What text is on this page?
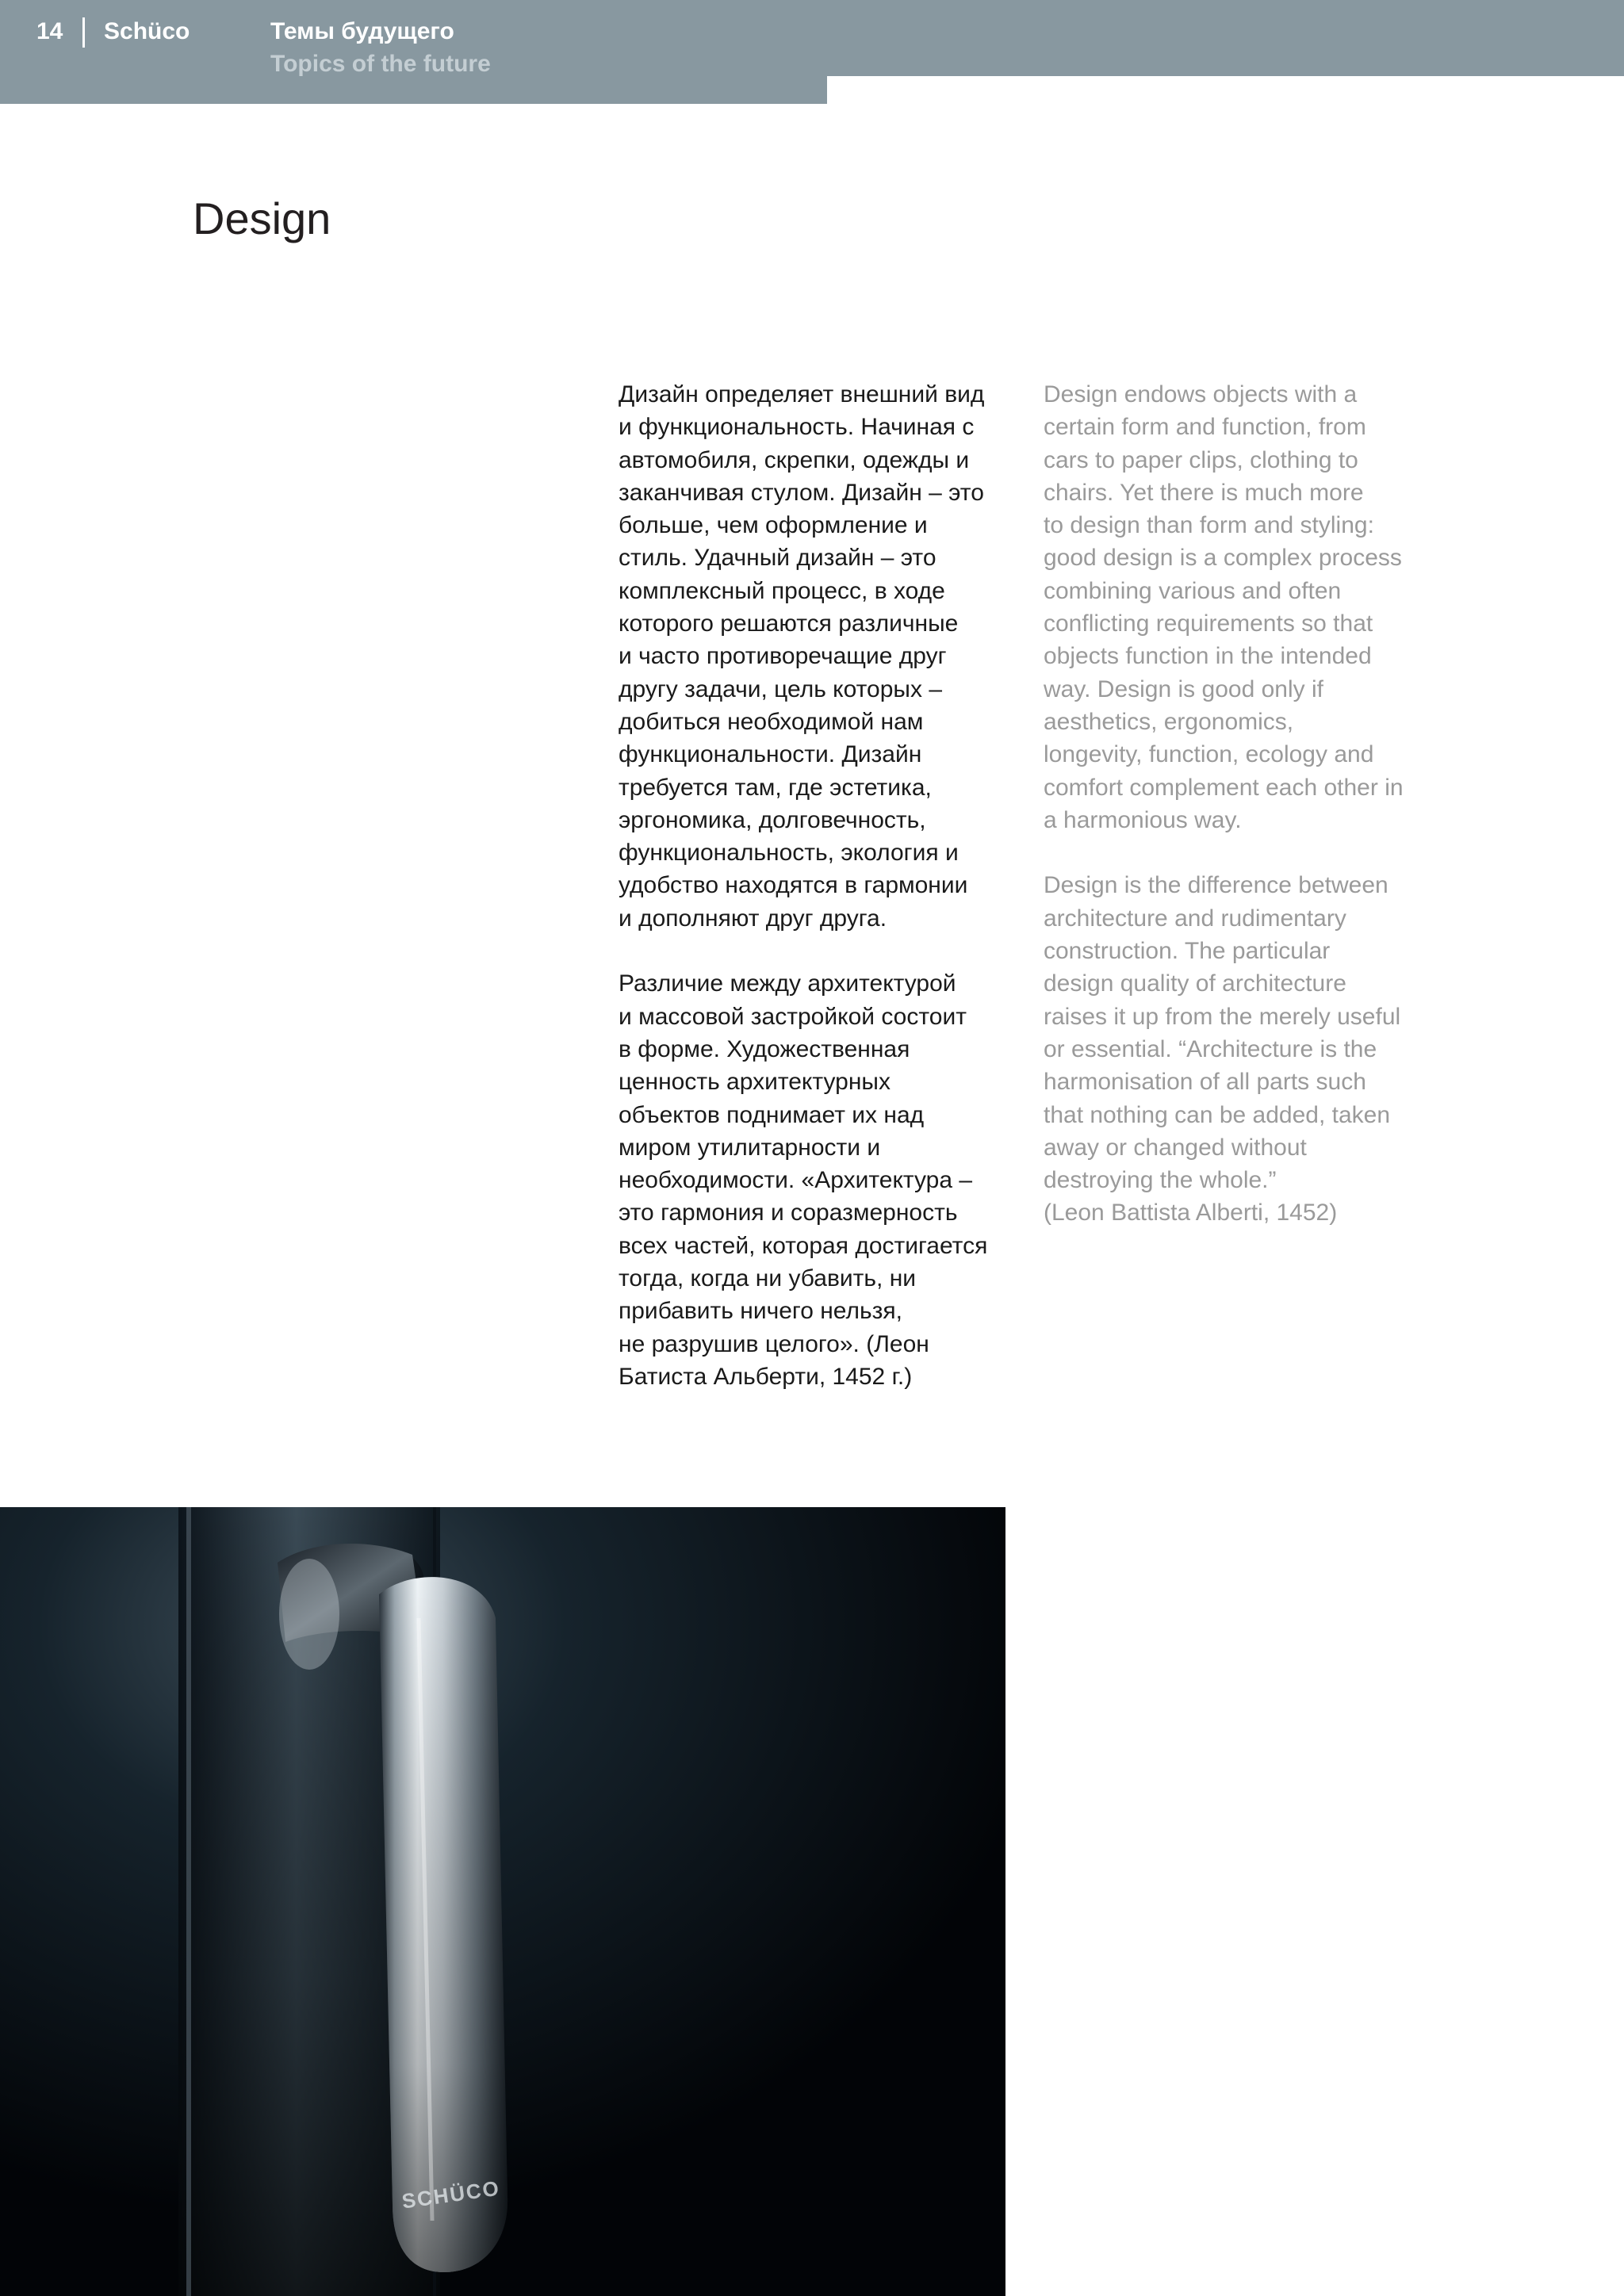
14 Schüco	Темы будущего
Topics of the future
Design

Дизайн определяет внешний вид
и функциональность. Начиная с
автомобиля, скрепки, одежды и
заканчивая стулом. Дизайн – это
больше, чем оформление и
стиль. Удачный дизайн – это
комплексный процесс, в ходе
которого решаются различные
и часто противоречащие друг
другу задачи, цель которых –
добиться необходимой нам
функциональности. Дизайн
требуется там, где эстетика,
эргономика, долговечность,
функциональность, экология и
удобство находятся в гармонии
и дополняют друг друга.

Различие между архитектурой
и массовой застройкой состоит
в форме. Художественная
ценность архитектурных
объектов поднимает их над
миром утилитарности и
необходимости. «Архитектура –
это гармония и соразмерность
всех частей, которая достигается
тогда, когда ни убавить, ни
прибавить ничего нельзя,
не разрушив целого». (Леон
Батиста Альберти, 1452 г.)

Design endows objects with a
certain form and function, from
cars to paper clips, clothing to
chairs. Yet there is much more
to design than form and styling:
good design is a complex process
combining various and often
conflicting requirements so that
objects function in the intended
way. Design is good only if
aesthetics, ergonomics,
longevity, function, ecology and
comfort complement each other in
a harmonious way.

Design is the difference between
architecture and rudimentary
construction. The particular
design quality of architecture
raises it up from the merely useful
or essential. “Architecture is the
harmonisation of all parts such
that nothing can be added, taken
away or changed without
destroying the whole.”
(Leon Battista Alberti, 1452)

SCHÜCO
